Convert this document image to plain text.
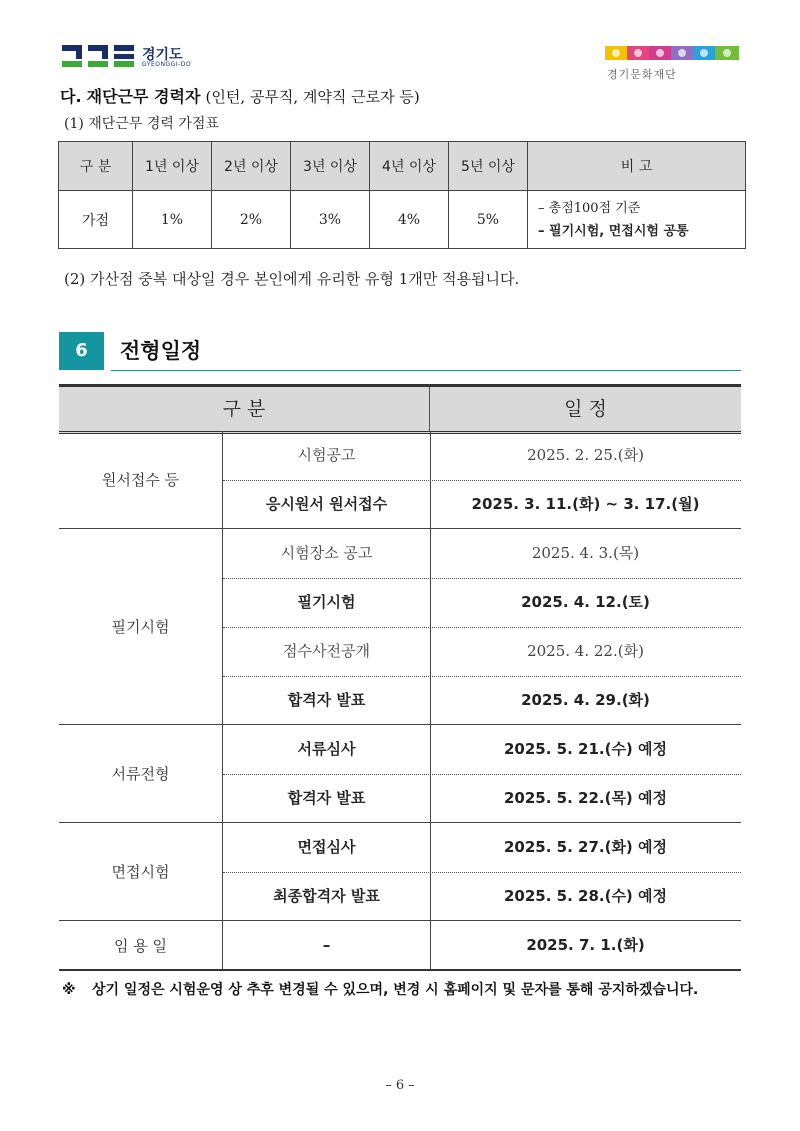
경기도
GYEONGGI-DO
경기문화재단
다. 재단근무 경력자 (인턴, 공무직, 계약직 근로자 등)
(1) 재단근무 경력 가점표
구 분	1년 이상	2년 이상	3년 이상	4년 이상	5년 이상	비 고
가점	1%	2%	3%	4%	5%	– 총점100점 기준
– 필기시험, 면접시험 공통
(2) 가산점 중복 대상일 경우 본인에게 유리한 유형 1개만 적용됩니다.
6	전형일정
구 분	일 정
원서접수 등
시험공고	2025. 2. 25.(화)
응시원서 원서접수	2025. 3. 11.(화) ~ 3. 17.(월)
필기시험
시험장소 공고	2025. 4. 3.(목)
필기시험	2025. 4. 12.(토)
점수사전공개	2025. 4. 22.(화)
합격자 발표	2025. 4. 29.(화)
서류전형
서류심사	2025. 5. 21.(수) 예정
합격자 발표	2025. 5. 22.(목) 예정
면접시험
면접심사	2025. 5. 27.(화) 예정
최종합격자 발표	2025. 5. 28.(수) 예정
임 용 일	–	2025. 7. 1.(화)
※ 상기 일정은 시험운영 상 추후 변경될 수 있으며, 변경 시 홈페이지 및 문자를 통해 공지하겠습니다.
– 6 –
